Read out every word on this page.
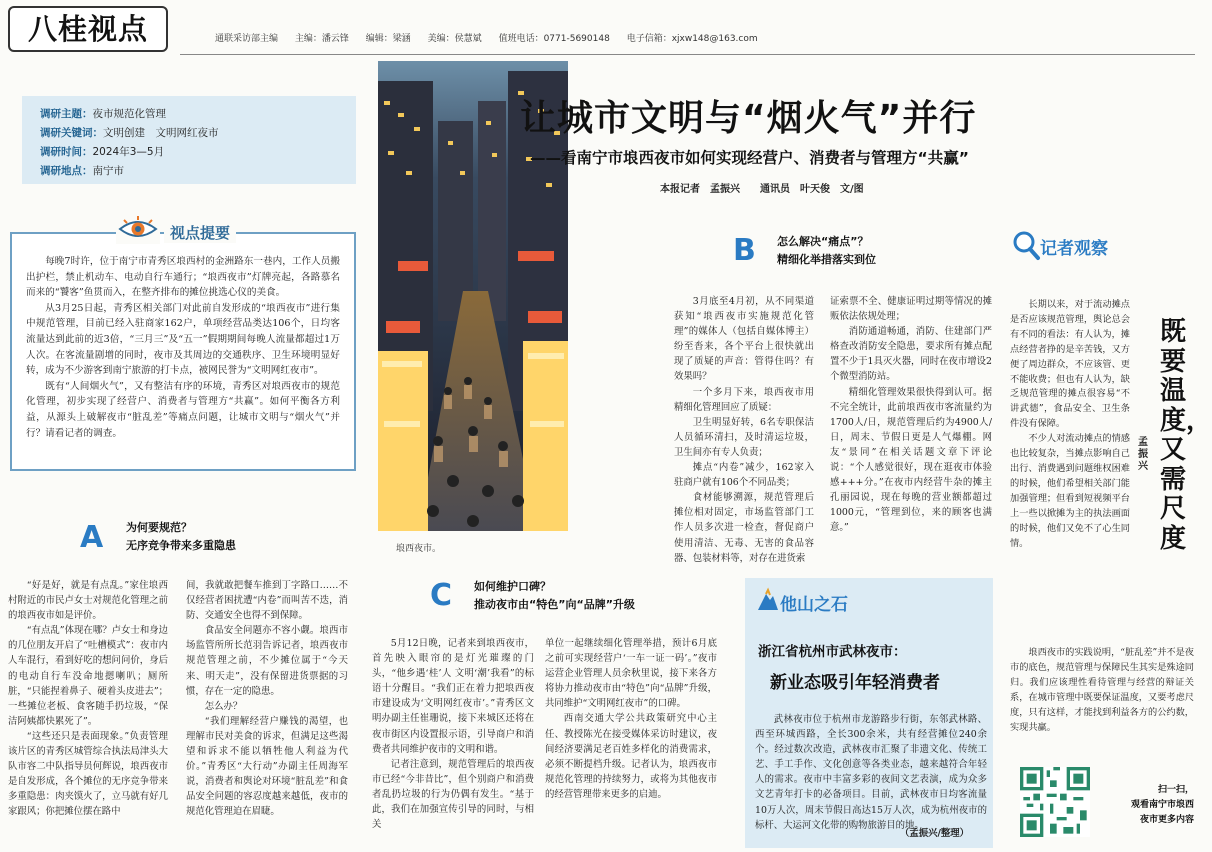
八桂视点	通联采访部主编 主编：潘云锋 编辑：梁涵 美编：侯慧斌 值班电话：0771-5690148 电子信箱：xjxw148@163.com
调研主题：夜市规范化管理
调研关键词：文明创建　文明网红夜市
调研时间：2024年3—5月
调研地点：南宁市

每晚7时许，位于南宁市青秀区埌西村的金洲路东一巷内，工作人员搬出护栏，禁止机动车、电动自行车通行；“埌西夜市”灯牌亮起，各路慕名而来的“饕客”鱼贯而入，在整齐排布的摊位挑选心仪的美食。

从3月25日起，青秀区相关部门对此前自发形成的“埌西夜市”进行集中规范管理，目前已经入驻商家162户，单项经营品类达106个，日均客流量达到此前的近3倍，“三月三”及“五一”假期期间每晚人流量都超过1万人次。在客流量剧增的同时，夜市及其周边的交通秩序、卫生环境明显好转，成为不少游客到南宁旅游的打卡点，被网民誉为“文明网红夜市”。

既有“人间烟火气”，又有整洁有序的环境，青秀区对埌西夜市的规范化管理，初步实现了经营户、消费者与管理方“共赢”。如何平衡各方利益，从源头上破解夜市“脏乱差”等痛点问题，让城市文明与“烟火气”并行？请看记者的调查。

视点提要
埌西夜市。
让城市文明与“烟火气”并行
——看南宁市埌西夜市如何实现经营户、消费者与管理方“共赢”
本报记者　孟振兴　　通讯员　叶天俊　文/图
A 为何要规范？
无序竞争带来多重隐患

“好是好，就是有点乱。”家住埌西村附近的市民卢女士对规范化管理之前的埌西夜市如是评价。

“有点乱”体现在哪？卢女士和身边的几位朋友开启了“吐槽模式”：夜市内人车混行，看到好吃的想问问价，身后的电动自行车没命地摁喇叭；厕所脏，“只能捏着鼻子、硬着头皮进去”；一些摊位老板、食客随手扔垃圾，“保洁阿姨都快累死了”。

“这些还只是表面现象。”负责管理该片区的青秀区城管综合执法局津头大队市容二中队指导员何辉说，埌西夜市是自发形成，各个摊位的无序竞争带来多重隐患：肉夹馍火了，立马就有好几家跟风；你把摊位摆在路中

间，我就敢把餐车推到丁字路口……不仅经营者困扰遭“内卷”而叫苦不迭，消防、交通安全也得不到保障。

食品安全问题亦不容小觑。埌西市场监管所所长范羽告诉记者，埌西夜市规范管理之前，不少摊位属于“今天来、明天走”，没有保留进货票据的习惯，存在一定的隐患。

怎么办？

“我们理解经营户赚钱的渴望，也理解市民对美食的诉求，但满足这些渴望和诉求不能以牺牲他人利益为代价。”青秀区“大行动”办副主任周海军说，消费者和舆论对环境“脏乱差”和食品安全问题的容忍度越来越低，夜市的规范化管理迫在眉睫。

B 怎么解决“痛点”？
精细化举措落实到位

3月底至4月初，从不同渠道获知“埌西夜市实施规范化管理”的媒体人（包括自媒体博主）纷至沓来，各个平台上很快就出现了质疑的声音：管得住吗？有效果吗？

一个多月下来，埌西夜市用精细化管理回应了质疑：

卫生明显好转，6名专职保洁人员循环清扫，及时清运垃圾，卫生间亦有专人负责；

摊点“内卷”减少，162家入驻商户就有106个不同品类；

食材能够溯源，规范管理后摊位相对固定，市场监管部门工作人员多次进一检查，督促商户使用清洁、无毒、无害的食品容器、包装材料等，对存在进货索

证索票不全、健康证明过期等情况的摊贩依法依规处理；

消防通道畅通，消防、住建部门严格查改消防安全隐患，要求所有摊点配置不少于1具灭火器，同时在夜市增设2个微型消防站。

精细化管理效果很快得到认可。据不完全统计，此前埌西夜市客流量约为1700人/日，规范管理后约为4900人/日，周末、节假日更是人气爆棚。网友“景同”在相关话题文章下评论说：“个人感觉很好，现在逛夜市体验感+++分。”在夜市内经营牛杂的摊主孔丽园说，现在每晚的营业额都超过1000元，“管理到位，来的顾客也满意。”

C 如何维护口碑？
推动夜市由“特色”向“品牌”升级

5月12日晚，记者来到埌西夜市，首先映入眼帘的是灯光璀璨的门头，“他乡遇‘桂’人 文明‘潮’我看”的标语十分醒目。“我们正在着力把埌西夜市建设成为‘文明网红夜市’。”青秀区文明办副主任崔珊说，接下来城区还将在夜市街区内设置报示语，引导商户和消费者共同维护夜市的文明和谐。

记者注意到，规范管理后的埌西夜市已经“今非昔比”，但个别商户和消费者乱扔垃圾的行为仍偶有发生。“基于此，我们在加强宣传引导的同时，与相关

单位一起继续细化管理举措，预计6月底之前可实现经营户‘一车一证一码’。”夜市运营企业管理人员余秋里说，接下来各方将协力推动夜市由“特色”向“品牌”升级，共同维护“文明网红夜市”的口碑。

西南交通大学公共政策研究中心主任、教授陈光在接受媒体采访时建议，夜间经济要满足老百姓多样化的消费需求，必须不断提档升级。记者认为，埌西夜市规范化管理的持续努力，或将为其他夜市的经营管理带来更多的启迪。

记者观察

长期以来，对于流动摊点是否应该规范管理，舆论总会有不同的看法：有人认为，摊点经营者挣的是辛苦钱，又方便了周边群众，不应该管、更不能收费；但也有人认为，缺乏规范管理的摊点很容易“不讲武德”，食品安全、卫生条件没有保障。

不少人对流动摊点的情感也比较复杂，当摊点影响自己出行、消费遇到问题维权困难的时候，他们希望相关部门能加强管理；但看到短视频平台上一些以掀摊为主的执法画面的时候，他们又免不了心生同情。

埌西夜市的实践说明，“脏乱差”并不是夜市的底色，规范管理与保障民生其实是殊途同归。我们应该理性看待管理与经营的辩证关系，在城市管理中既要保证温度，又要考虑尺度，只有这样，才能找到利益各方的公约数，实现共赢。

既要温度，又需尺度
孟振兴
他山之石
浙江省杭州市武林夜市：
新业态吸引年轻消费者

武林夜市位于杭州市龙游路步行街，东邻武林路、西至环城西路，全长300余米，共有经营摊位240余个。经过数次改造，武林夜市汇聚了非遗文化、传统工艺、手工手作、文化创意等各类业态，越来越符合年轻人的需求。夜市中丰富多彩的夜间文艺表演，成为众多文艺青年打卡的必备项目。目前，武林夜市日均客流量10万人次，周末节假日高达15万人次，成为杭州夜市的标杆、大运河文化带的购物旅游目的地。

（孟振兴/整理）
扫一扫，
观看南宁市埌西
夜市更多内容
